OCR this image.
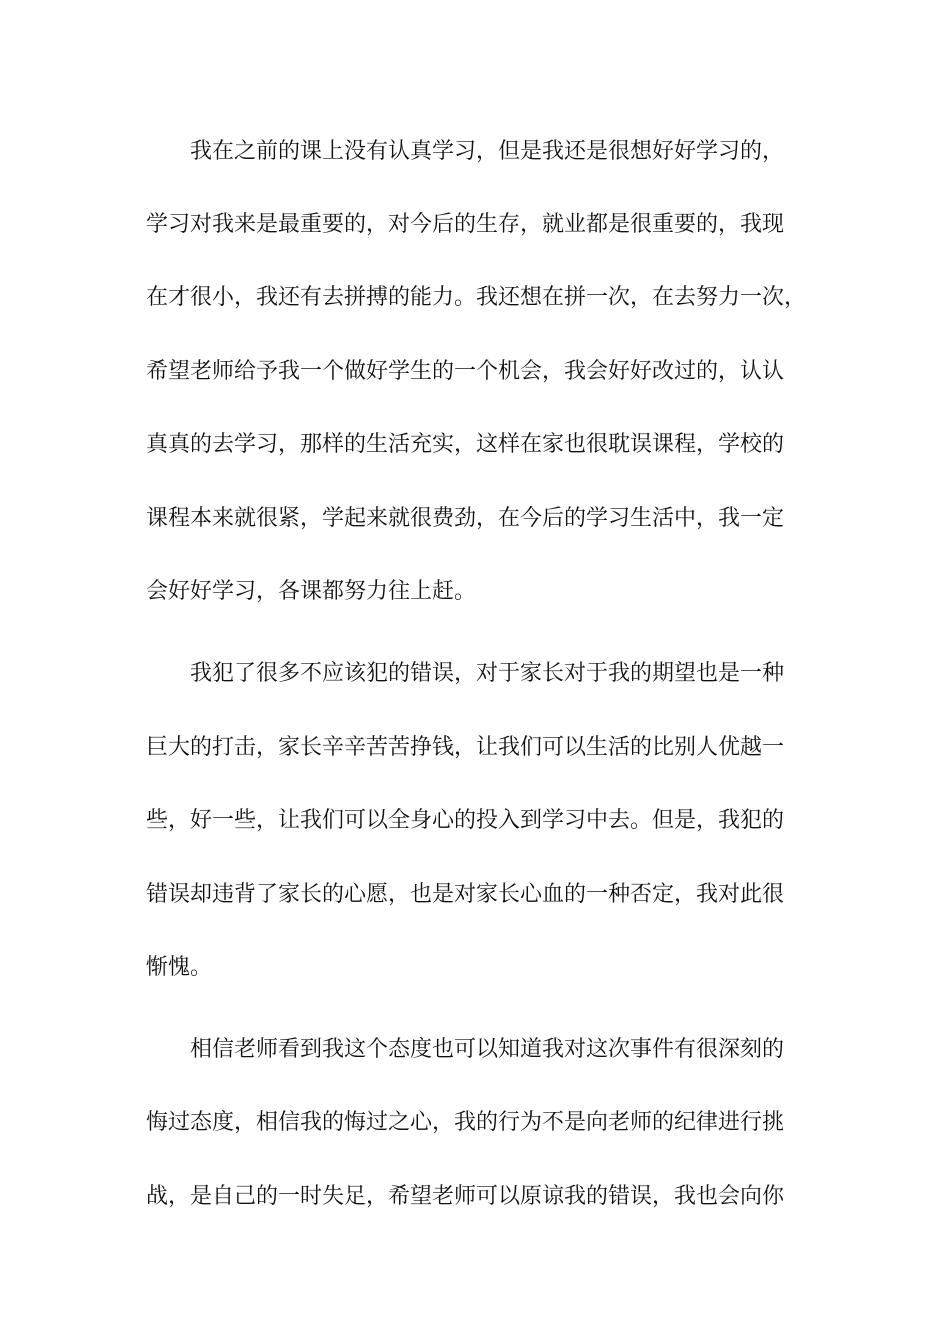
我在之前的课上没有认真学习，但是我还是很想好好学习的，
学习对我来是最重要的，对今后的生存，就业都是很重要的，我现
在才很小，我还有去拼搏的能力。我还想在拼一次，在去努力一次，
希望老师给予我一个做好学生的一个机会，我会好好改过的，认认
真真的去学习，那样的生活充实，这样在家也很耽误课程，学校的
课程本来就很紧，学起来就很费劲，在今后的学习生活中，我一定
会好好学习，各课都努力往上赶。
我犯了很多不应该犯的错误，对于家长对于我的期望也是一种
巨大的打击，家长辛辛苦苦挣钱，让我们可以生活的比别人优越一
些，好一些，让我们可以全身心的投入到学习中去。但是，我犯的
错误却违背了家长的心愿，也是对家长心血的一种否定，我对此很
惭愧。
相信老师看到我这个态度也可以知道我对这次事件有很深刻的
悔过态度，相信我的悔过之心，我的行为不是向老师的纪律进行挑
战，是自己的一时失足，希望老师可以原谅我的错误，我也会向你
